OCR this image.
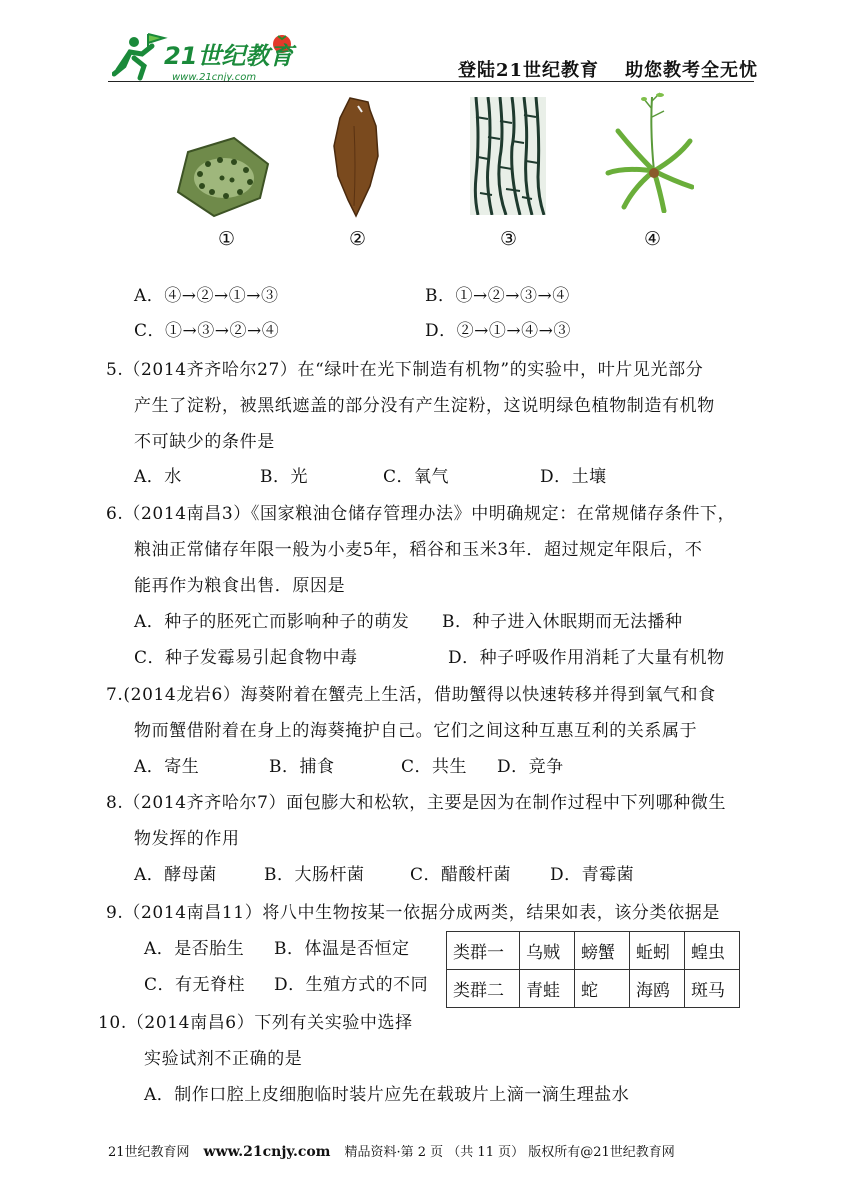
21世纪教育
www.21cnjy.com	登陆21世纪教育 助您教考全无忧
①	②	③	④
A．④→②→①→③	B．①→②→③→④
C．①→③→②→④	D．②→①→④→③
5.（2014齐齐哈尔27）在“绿叶在光下制造有机物”的实验中，叶片见光部分
产生了淀粉，被黑纸遮盖的部分没有产生淀粉，这说明绿色植物制造有机物
不可缺少的条件是
A．水	B．光	C．氧气	D．土壤
6.（2014南昌3）《国家粮油仓储存管理办法》中明确规定：在常规储存条件下，
粮油正常储存年限一般为小麦5年，稻谷和玉米3年．超过规定年限后，不
能再作为粮食出售．原因是
A．种子的胚死亡而影响种子的萌发 B．种子进入休眠期而无法播种
C．种子发霉易引起食物中毒	D．种子呼吸作用消耗了大量有机物
7.(2014龙岩6）海葵附着在蟹壳上生活，借助蟹得以快速转移并得到氧气和食
物而蟹借附着在身上的海葵掩护自己。它们之间这种互惠互利的关系属于
A．寄生	B．捕食	C．共生 D．竞争
8.（2014齐齐哈尔7）面包膨大和松软，主要是因为在制作过程中下列哪种微生
物发挥的作用
A．酵母菌	B．大肠杆菌	C．醋酸杆菌 D．青霉菌
9.（2014南昌11）将八中生物按某一依据分成两类，结果如表，该分类依据是
A．是否胎生 B．体温是否恒定
C．有无脊柱 D．生殖方式的不同
类群一	乌贼	螃蟹	蚯蚓	蝗虫
类群二	青蛙	蛇	海鸥	斑马
10.（2014南昌6）下列有关实验中选择
实验试剂不正确的是
A．制作口腔上皮细胞临时装片应先在载玻片上滴一滴生理盐水
21世纪教育网 www.21cnjy.com 精品资料·第 2 页 （共 11 页） 版权所有@21世纪教育网
